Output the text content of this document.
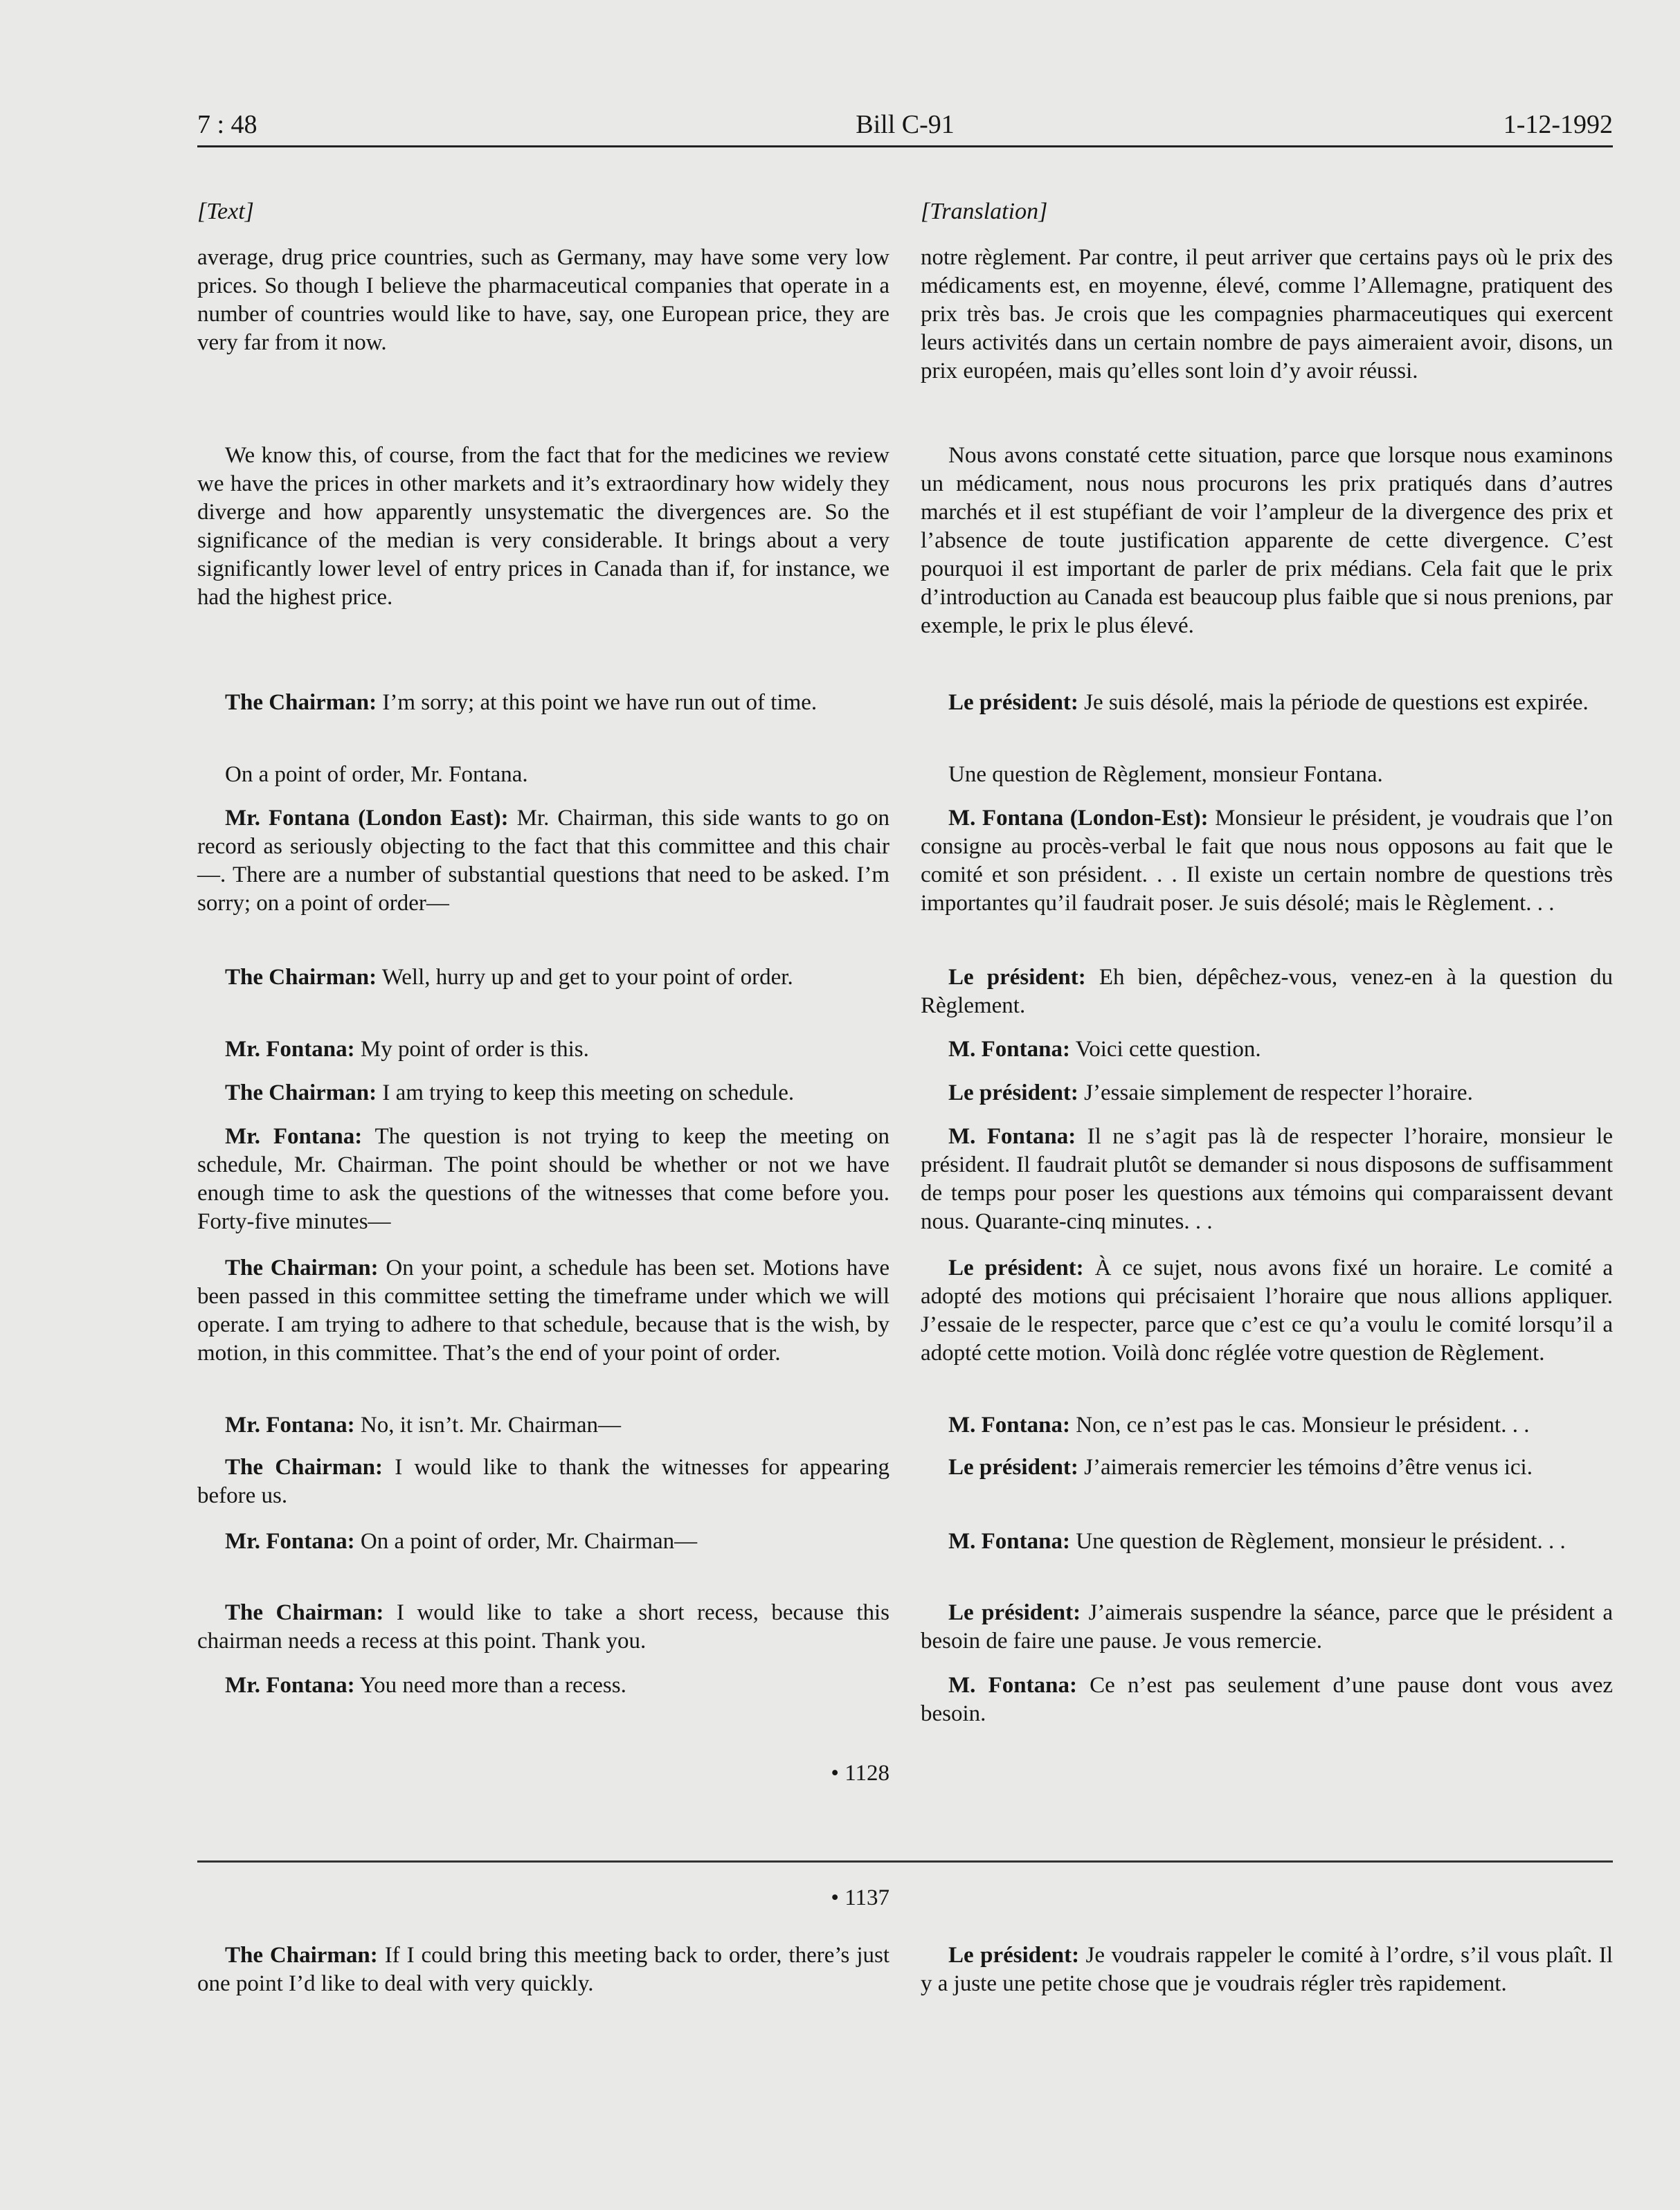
7 : 48	Bill C-91	1-12-1992
[Text]

average, drug price countries, such as Germany, may have some very low prices. So though I believe the pharmaceutical companies that operate in a number of countries would like to have, say, one European price, they are very far from it now.

We know this, of course, from the fact that for the medicines we review we have the prices in other markets and it’s extraordinary how widely they diverge and how apparently unsystematic the divergences are. So the significance of the median is very considerable. It brings about a very significantly lower level of entry prices in Canada than if, for instance, we had the highest price.

The Chairman: I’m sorry; at this point we have run out of time.

On a point of order, Mr. Fontana.

Mr. Fontana (London East): Mr. Chairman, this side wants to go on record as seriously objecting to the fact that this committee and this chair—. There are a number of substantial questions that need to be asked. I’m sorry; on a point of order—

The Chairman: Well, hurry up and get to your point of order.

Mr. Fontana: My point of order is this.

The Chairman: I am trying to keep this meeting on schedule.

Mr. Fontana: The question is not trying to keep the meeting on schedule, Mr. Chairman. The point should be whether or not we have enough time to ask the questions of the witnesses that come before you. Forty-five minutes—

The Chairman: On your point, a schedule has been set. Motions have been passed in this committee setting the timeframe under which we will operate. I am trying to adhere to that schedule, because that is the wish, by motion, in this committee. That’s the end of your point of order.

Mr. Fontana: No, it isn’t. Mr. Chairman—

The Chairman: I would like to thank the witnesses for appearing before us.

Mr. Fontana: On a point of order, Mr. Chairman—

The Chairman: I would like to take a short recess, because this chairman needs a recess at this point. Thank you.

Mr. Fontana: You need more than a recess.

• 1128
• 1137

The Chairman: If I could bring this meeting back to order, there’s just one point I’d like to deal with very quickly.

[Translation]

notre règlement. Par contre, il peut arriver que certains pays où le prix des médicaments est, en moyenne, élevé, comme l’Allemagne, pratiquent des prix très bas. Je crois que les compagnies pharmaceutiques qui exercent leurs activités dans un certain nombre de pays aimeraient avoir, disons, un prix européen, mais qu’elles sont loin d’y avoir réussi.

Nous avons constaté cette situation, parce que lorsque nous examinons un médicament, nous nous procurons les prix pratiqués dans d’autres marchés et il est stupéfiant de voir l’ampleur de la divergence des prix et l’absence de toute justification apparente de cette divergence. C’est pourquoi il est important de parler de prix médians. Cela fait que le prix d’introduction au Canada est beaucoup plus faible que si nous prenions, par exemple, le prix le plus élevé.

Le président: Je suis désolé, mais la période de questions est expirée.

Une question de Règlement, monsieur Fontana.

M. Fontana (London-Est): Monsieur le président, je voudrais que l’on consigne au procès-verbal le fait que nous nous opposons au fait que le comité et son président. . . Il existe un certain nombre de questions très importantes qu’il faudrait poser. Je suis désolé; mais le Règlement. . .

Le président: Eh bien, dépêchez-vous, venez-en à la question du Règlement.

M. Fontana: Voici cette question.

Le président: J’essaie simplement de respecter l’horaire.

M. Fontana: Il ne s’agit pas là de respecter l’horaire, monsieur le président. Il faudrait plutôt se demander si nous disposons de suffisamment de temps pour poser les questions aux témoins qui comparaissent devant nous. Quarante-cinq minutes. . .

Le président: À ce sujet, nous avons fixé un horaire. Le comité a adopté des motions qui précisaient l’horaire que nous allions appliquer. J’essaie de le respecter, parce que c’est ce qu’a voulu le comité lorsqu’il a adopté cette motion. Voilà donc réglée votre question de Règlement.

M. Fontana: Non, ce n’est pas le cas. Monsieur le président. . .

Le président: J’aimerais remercier les témoins d’être venus ici.

M. Fontana: Une question de Règlement, monsieur le président. . .

Le président: J’aimerais suspendre la séance, parce que le président a besoin de faire une pause. Je vous remercie.

M. Fontana: Ce n’est pas seulement d’une pause dont vous avez besoin.

Le président: Je voudrais rappeler le comité à l’ordre, s’il vous plaît. Il y a juste une petite chose que je voudrais régler très rapidement.
